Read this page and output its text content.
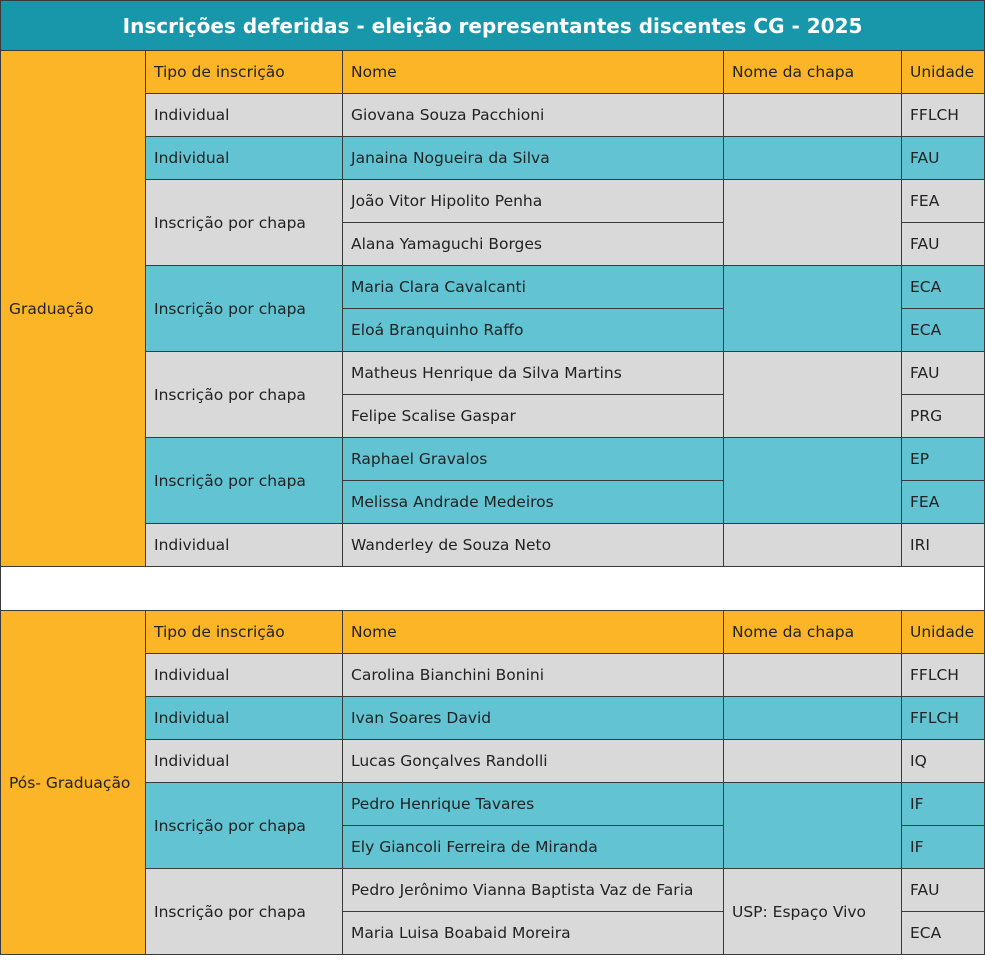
Inscrições deferidas - eleição representantes discentes CG - 2025				
Graduação	Tipo de inscrição	Nome	Nome da chapa	Unidade
	Individual	Giovana Souza Pacchioni		FFLCH
	Individual	Janaina Nogueira da Silva		FAU
	Inscrição por chapa	João Vitor Hipolito Penha		FEA
		Alana Yamaguchi Borges		FAU
	Inscrição por chapa	Maria Clara Cavalcanti		ECA
		Eloá Branquinho Raffo		ECA
	Inscrição por chapa	Matheus Henrique da Silva Martins		FAU
		Felipe Scalise Gaspar		PRG
	Inscrição por chapa	Raphael Gravalos		EP
		Melissa Andrade Medeiros		FEA
	Individual	Wanderley de Souza Neto		IRI

Pós- Graduação	Tipo de inscrição	Nome	Nome da chapa	Unidade
	Individual	Carolina Bianchini Bonini		FFLCH
	Individual	Ivan Soares David		FFLCH
	Individual	Lucas Gonçalves Randolli		IQ
	Inscrição por chapa	Pedro Henrique Tavares		IF
		Ely Giancoli Ferreira de Miranda		IF
	Inscrição por chapa	Pedro Jerônimo Vianna Baptista Vaz de Faria	USP: Espaço Vivo	FAU
		Maria Luisa Boabaid Moreira		ECA
